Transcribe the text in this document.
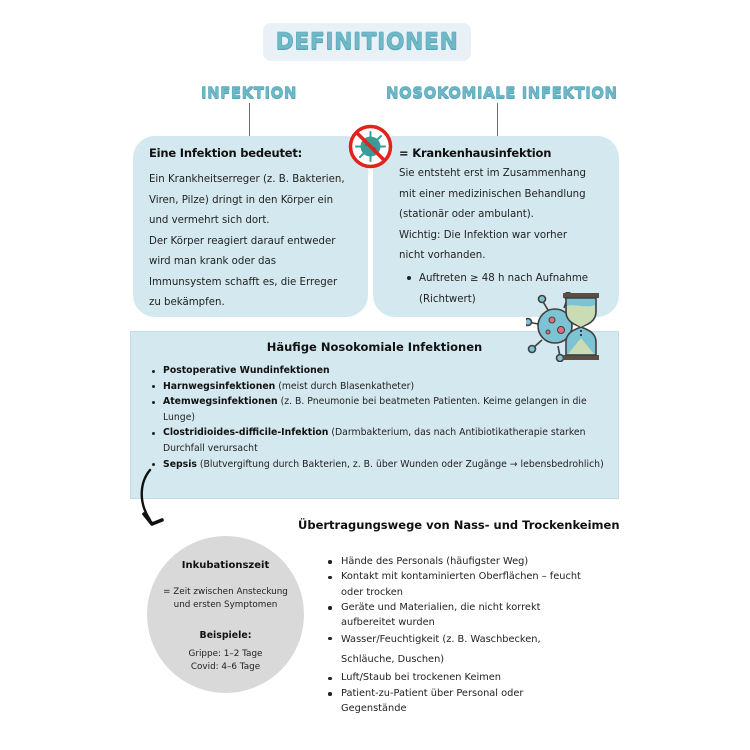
DEFINITIONEN
INFEKTION	NOSOKOMIALE INFEKTION
Eine Infektion bedeutet:

Ein Krankheitserreger (z. B. Bakterien,
Viren, Pilze) dringt in den Körper ein
und vermehrt sich dort.
Der Körper reagiert darauf entweder
wird man krank oder das
Immunsystem schafft es, die Erreger
zu bekämpfen.

= Krankenhausinfektion

Sie entsteht erst im Zusammenhang
mit einer medizinischen Behandlung
(stationär oder ambulant).
Wichtig: Die Infektion war vorher
nicht vorhanden.

Auftreten ≥ 48 h nach Aufnahme
(Richtwert)
Häufige Nosokomiale Infektionen
Postoperative Wundinfektionen
Harnwegsinfektionen (meist durch Blasenkatheter)
Atemwegsinfektionen (z. B. Pneumonie bei beatmeten Patienten. Keime gelangen in die Lunge)
Clostridioides-difficile-Infektion (Darmbakterium, das nach Antibiotikatherapie starken Durchfall verursacht
Sepsis (Blutvergiftung durch Bakterien, z. B. über Wunden oder Zugänge → lebensbedrohlich)
Übertragungswege von Nass- und Trockenkeimen
Inkubationszeit
= Zeit zwischen Ansteckung und ersten Symptomen
Beispiele:
Grippe: 1–2 Tage
Covid: 4–6 Tage
Hände des Personals (häufigster Weg)
Kontakt mit kontaminierten Oberflächen – feucht oder trocken
Geräte und Materialien, die nicht korrekt aufbereitet wurden
Wasser/Feuchtigkeit (z. B. Waschbecken, Schläuche, Duschen)
Luft/Staub bei trockenen Keimen
Patient-zu-Patient über Personal oder Gegenstände
